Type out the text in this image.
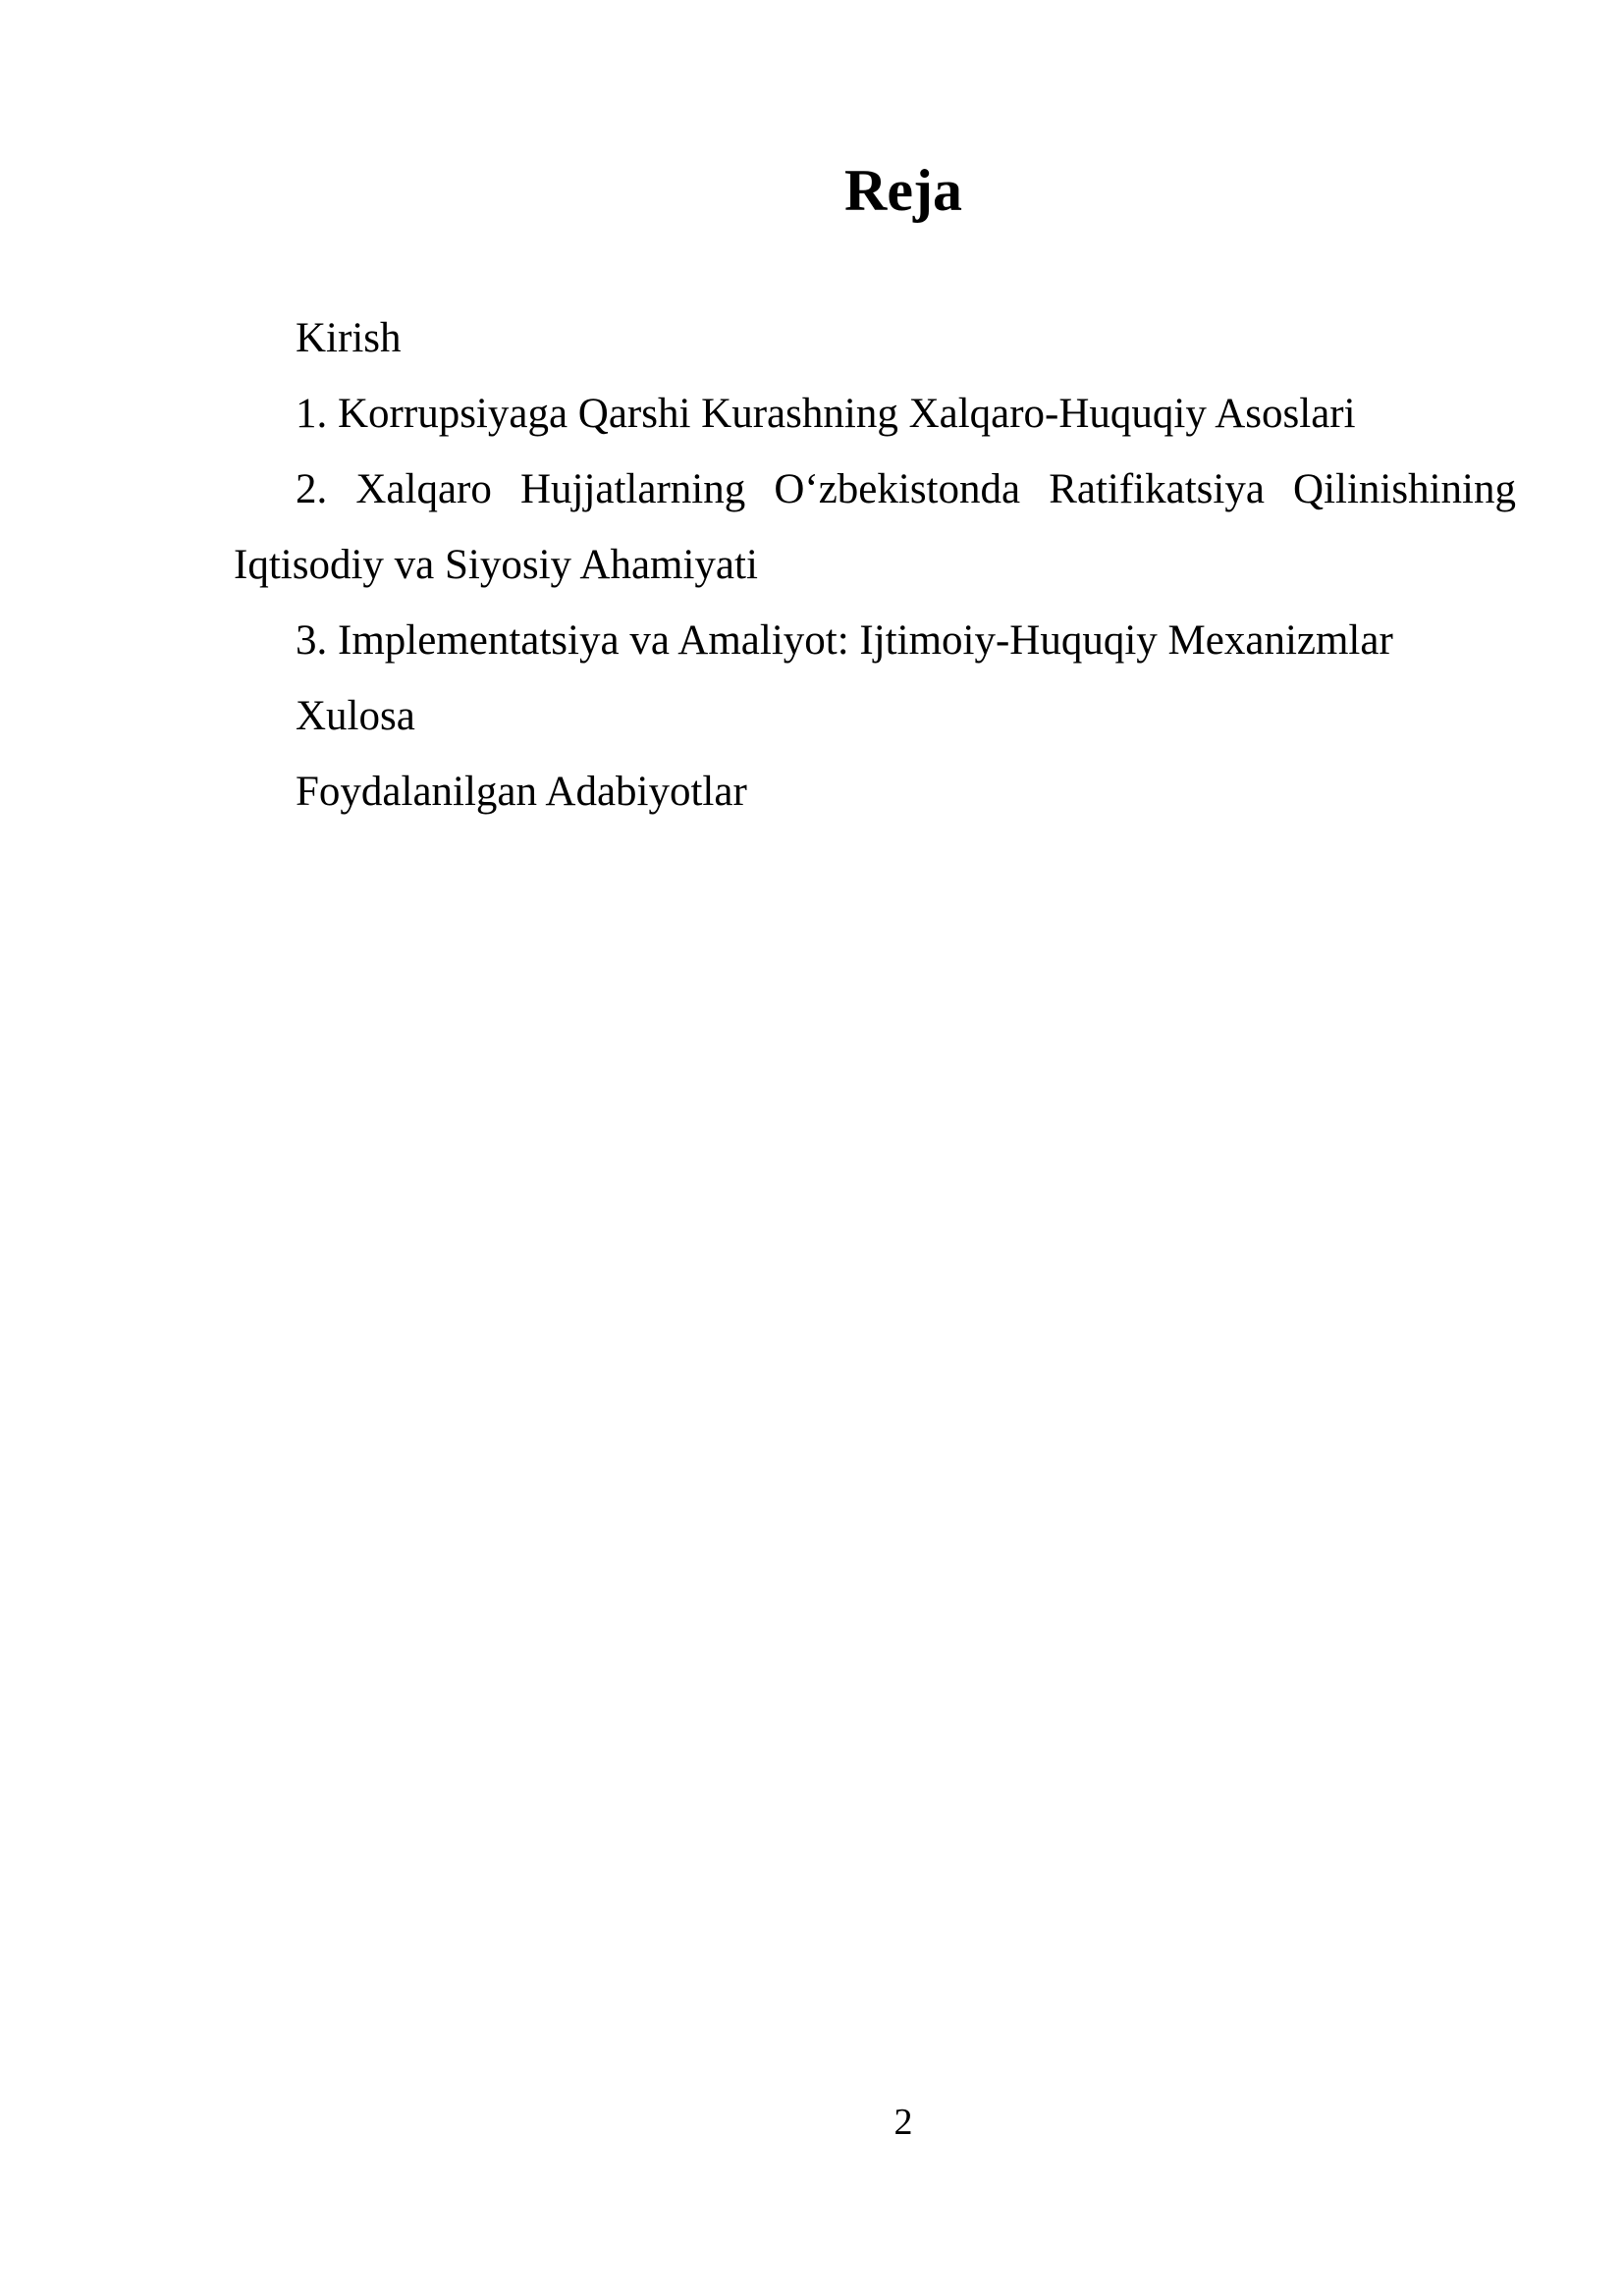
Reja
Kirish
1. Korrupsiyaga Qarshi Kurashning Xalqaro-Huquqiy Asoslari
2. Xalqaro Hujjatlarning O‘zbekistonda Ratifikatsiya Qilinishining
Iqtisodiy va Siyosiy Ahamiyati
3. Implementatsiya va Amaliyot: Ijtimoiy-Huquqiy Mexanizmlar
Xulosa
Foydalanilgan Adabiyotlar
2
